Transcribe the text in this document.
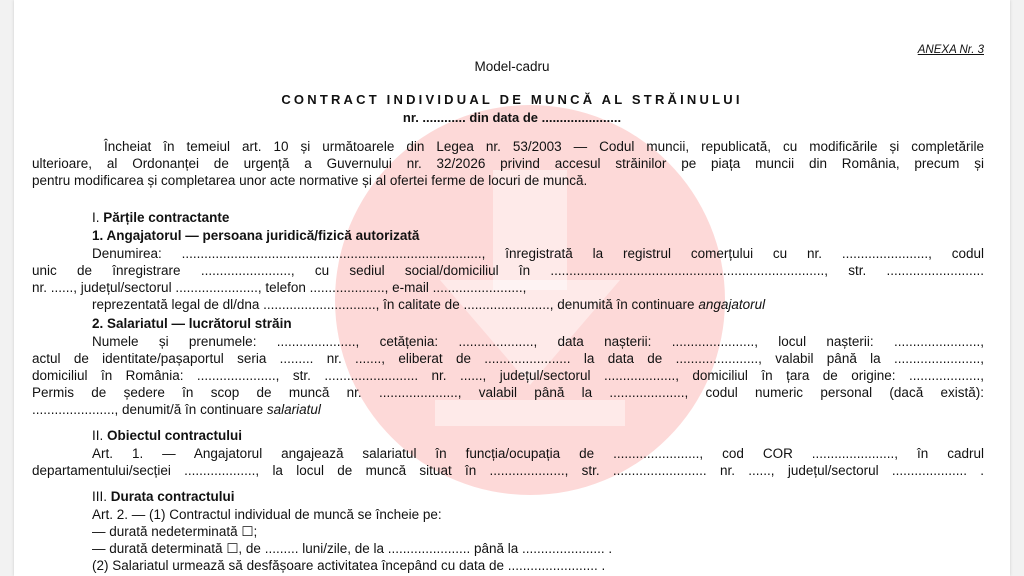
ANEXA Nr. 3
Model-cadru
CONTRACT INDIVIDUAL DE MUNCĂ AL STRĂINULUI
nr. ............ din data de ......................
Încheiat în temeiul art. 10 și următoarele din Legea nr. 53/2003 — Codul muncii, republicată, cu modificările și completările
ulterioare, al Ordonanței de urgență a Guvernului nr. 32/2026 privind accesul străinilor pe piața muncii din România, precum și
pentru modificarea și completarea unor acte normative și al ofertei ferme de locuri de muncă.
I. Părțile contractante
1. Angajatorul — persoana juridică/fizică autorizată
Denumirea: ................................................................................, înregistrată la registrul comerțului cu nr. ......................., codul
unic de înregistrare ........................, cu sediul social/domiciliul în ........................................................................., str. ..........................
nr. ......, județul/sectorul ......................, telefon ...................., e-mail ........................,
reprezentată legal de dl/dna .............................., în calitate de ......................., denumită în continuare angajatorul
2. Salariatul — lucrătorul străin
Numele și prenumele: ....................., cetățenia: ...................., data nașterii: ......................, locul nașterii: .......................,
actul de identitate/pașaportul seria ......... nr. ......., eliberat de ....................... la data de ......................, valabil până la .......................,
domiciliul în România: ....................., str. ......................... nr. ......, județul/sectorul ..................., domiciliul în țara de origine: ...................,
Permis de ședere în scop de muncă nr. ....................., valabil până la ...................., codul numeric personal (dacă există):
......................, denumit/ă în continuare salariatul
II. Obiectul contractului
Art. 1. — Angajatorul angajează salariatul în funcția/ocupația de ......................., cod COR ......................, în cadrul
departamentului/secției ..................., la locul de muncă situat în ...................., str. ......................... nr. ......, județul/sectorul .................... .
III. Durata contractului
Art. 2. — (1) Contractul individual de muncă se încheie pe:
— durată nedeterminată ☐;
— durată determinată ☐, de ......... luni/zile, de la ...................... până la ...................... .
(2) Salariatul urmează să desfășoare activitatea începând cu data de ........................ .
